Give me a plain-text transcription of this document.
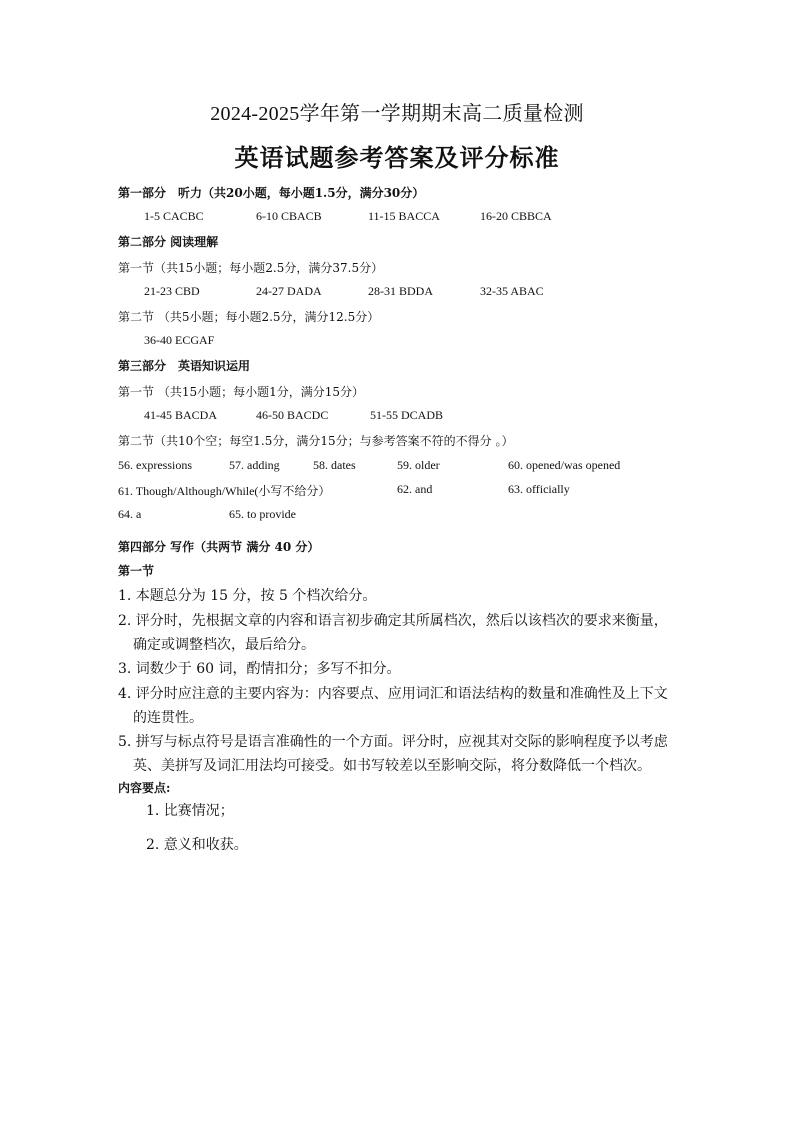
2024-2025学年第一学期期末高二质量检测
英语试题参考答案及评分标准
第一部分　听力（共20小题，每小题1.5分，满分30分）
1-5 CACBC	6-10 CBACB	11-15 BACCA	16-20 CBBCA
第二部分 阅读理解
第一节（共15小题；每小题2.5分，满分37.5分）
21-23 CBD	24-27 DADA	28-31 BDDA	32-35 ABAC
第二节 （共5小题；每小题2.5分，满分12.5分）
36-40 ECGAF
第三部分　英语知识运用
第一节 （共15小题；每小题1分，满分15分）
41-45 BACDA	46-50 BACDC	51-55 DCADB
第二节（共10个空；每空1.5分，满分15分；与参考答案不符的不得分 。）
56. expressions	57. adding	58. dates	59. older	60. opened/was opened
61. Though/Although/While(小写不给分）	62. and	63. officially
64. a	65. to provide
第四部分 写作（共两节 满分 40 分）
第一节
1. 本题总分为 15 分，按 5 个档次给分。
2. 评分时，先根据文章的内容和语言初步确定其所属档次，然后以该档次的要求来衡量，
确定或调整档次，最后给分。
3. 词数少于 60 词，酌情扣分；多写不扣分。
4. 评分时应注意的主要内容为：内容要点、应用词汇和语法结构的数量和准确性及上下文
的连贯性。
5. 拼写与标点符号是语言准确性的一个方面。评分时，应视其对交际的影响程度予以考虑
英、美拼写及词汇用法均可接受。如书写较差以至影响交际，将分数降低一个档次。
内容要点:
1. 比赛情况；
2. 意义和收获。
